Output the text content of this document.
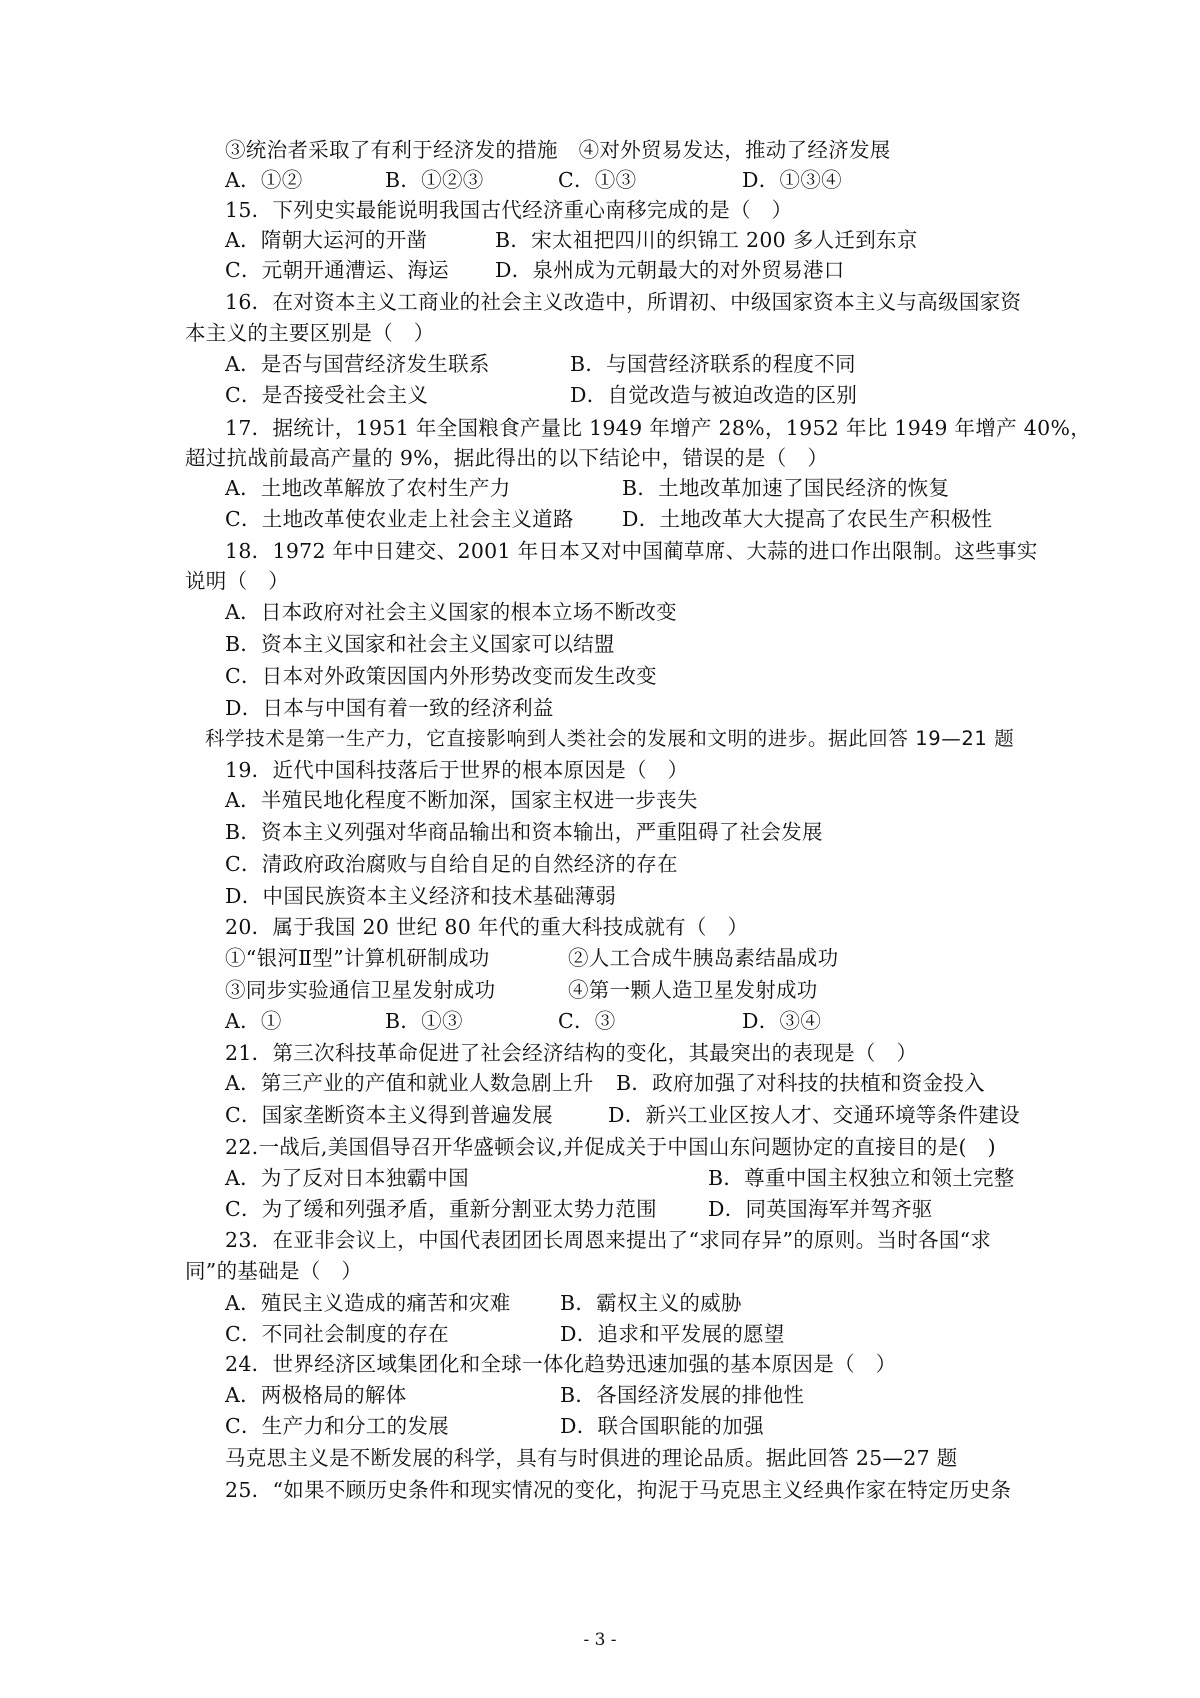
- 3 -
③统治者采取了有利于经济发的措施　④对外贸易发达，推动了经济发展
A．①②	B．①②③	C．①③	D．①③④
15．下列史实最能说明我国古代经济重心南移完成的是（　）
A．隋朝大运河的开凿	B．宋太祖把四川的织锦工 200 多人迁到东京
C．元朝开通漕运、海运 D．泉州成为元朝最大的对外贸易港口
16．在对资本主义工商业的社会主义改造中，所谓初、中级国家资本主义与高级国家资
本主义的主要区别是（　）
A．是否与国营经济发生联系	B．与国营经济联系的程度不同
C．是否接受社会主义	D．自觉改造与被迫改造的区别
17．据统计，1951 年全国粮食产量比 1949 年增产 28%，1952 年比 1949 年增产 40%，
超过抗战前最高产量的 9%，据此得出的以下结论中，错误的是（　）
A．土地改革解放了农村生产力	B．土地改革加速了国民经济的恢复
C．土地改革使农业走上社会主义道路 D．土地改革大大提高了农民生产积极性
18．1972 年中日建交、2001 年日本又对中国蔺草席、大蒜的进口作出限制。这些事实
说明（　）
A．日本政府对社会主义国家的根本立场不断改变
B．资本主义国家和社会主义国家可以结盟
C．日本对外政策因国内外形势改变而发生改变
D．日本与中国有着一致的经济利益
科学技术是第一生产力，它直接影响到人类社会的发展和文明的进步。据此回答 19—21 题
19．近代中国科技落后于世界的根本原因是（　）
A．半殖民地化程度不断加深，国家主权进一步丧失
B．资本主义列强对华商品输出和资本输出，严重阻碍了社会发展
C．清政府政治腐败与自给自足的自然经济的存在
D．中国民族资本主义经济和技术基础薄弱
20．属于我国 20 世纪 80 年代的重大科技成就有（　）
①“银河Ⅱ型”计算机研制成功	②人工合成牛胰岛素结晶成功
③同步实验通信卫星发射成功	④第一颗人造卫星发射成功
A．①	B．①③	C．③	D．③④
21．第三次科技革命促进了社会经济结构的变化，其最突出的表现是（　）
A．第三产业的产值和就业人数急剧上升 B．政府加强了对科技的扶植和资金投入
C．国家垄断资本主义得到普遍发展	D．新兴工业区按人才、交通环境等条件建设
22.一战后,美国倡导召开华盛顿会议,并促成关于中国山东问题协定的直接目的是(　)
A．为了反对日本独霸中国	B．尊重中国主权独立和领土完整
C．为了缓和列强矛盾，重新分割亚太势力范围 D．同英国海军并驾齐驱
23．在亚非会议上，中国代表团团长周恩来提出了“求同存异”的原则。当时各国“求
同”的基础是（　）
A．殖民主义造成的痛苦和灾难 B．霸权主义的威胁
C．不同社会制度的存在	D．追求和平发展的愿望
24．世界经济区域集团化和全球一体化趋势迅速加强的基本原因是（　）
A．两极格局的解体	B．各国经济发展的排他性
C．生产力和分工的发展	D．联合国职能的加强
马克思主义是不断发展的科学，具有与时俱进的理论品质。据此回答 25—27 题
25．“如果不顾历史条件和现实情况的变化，拘泥于马克思主义经典作家在特定历史条
